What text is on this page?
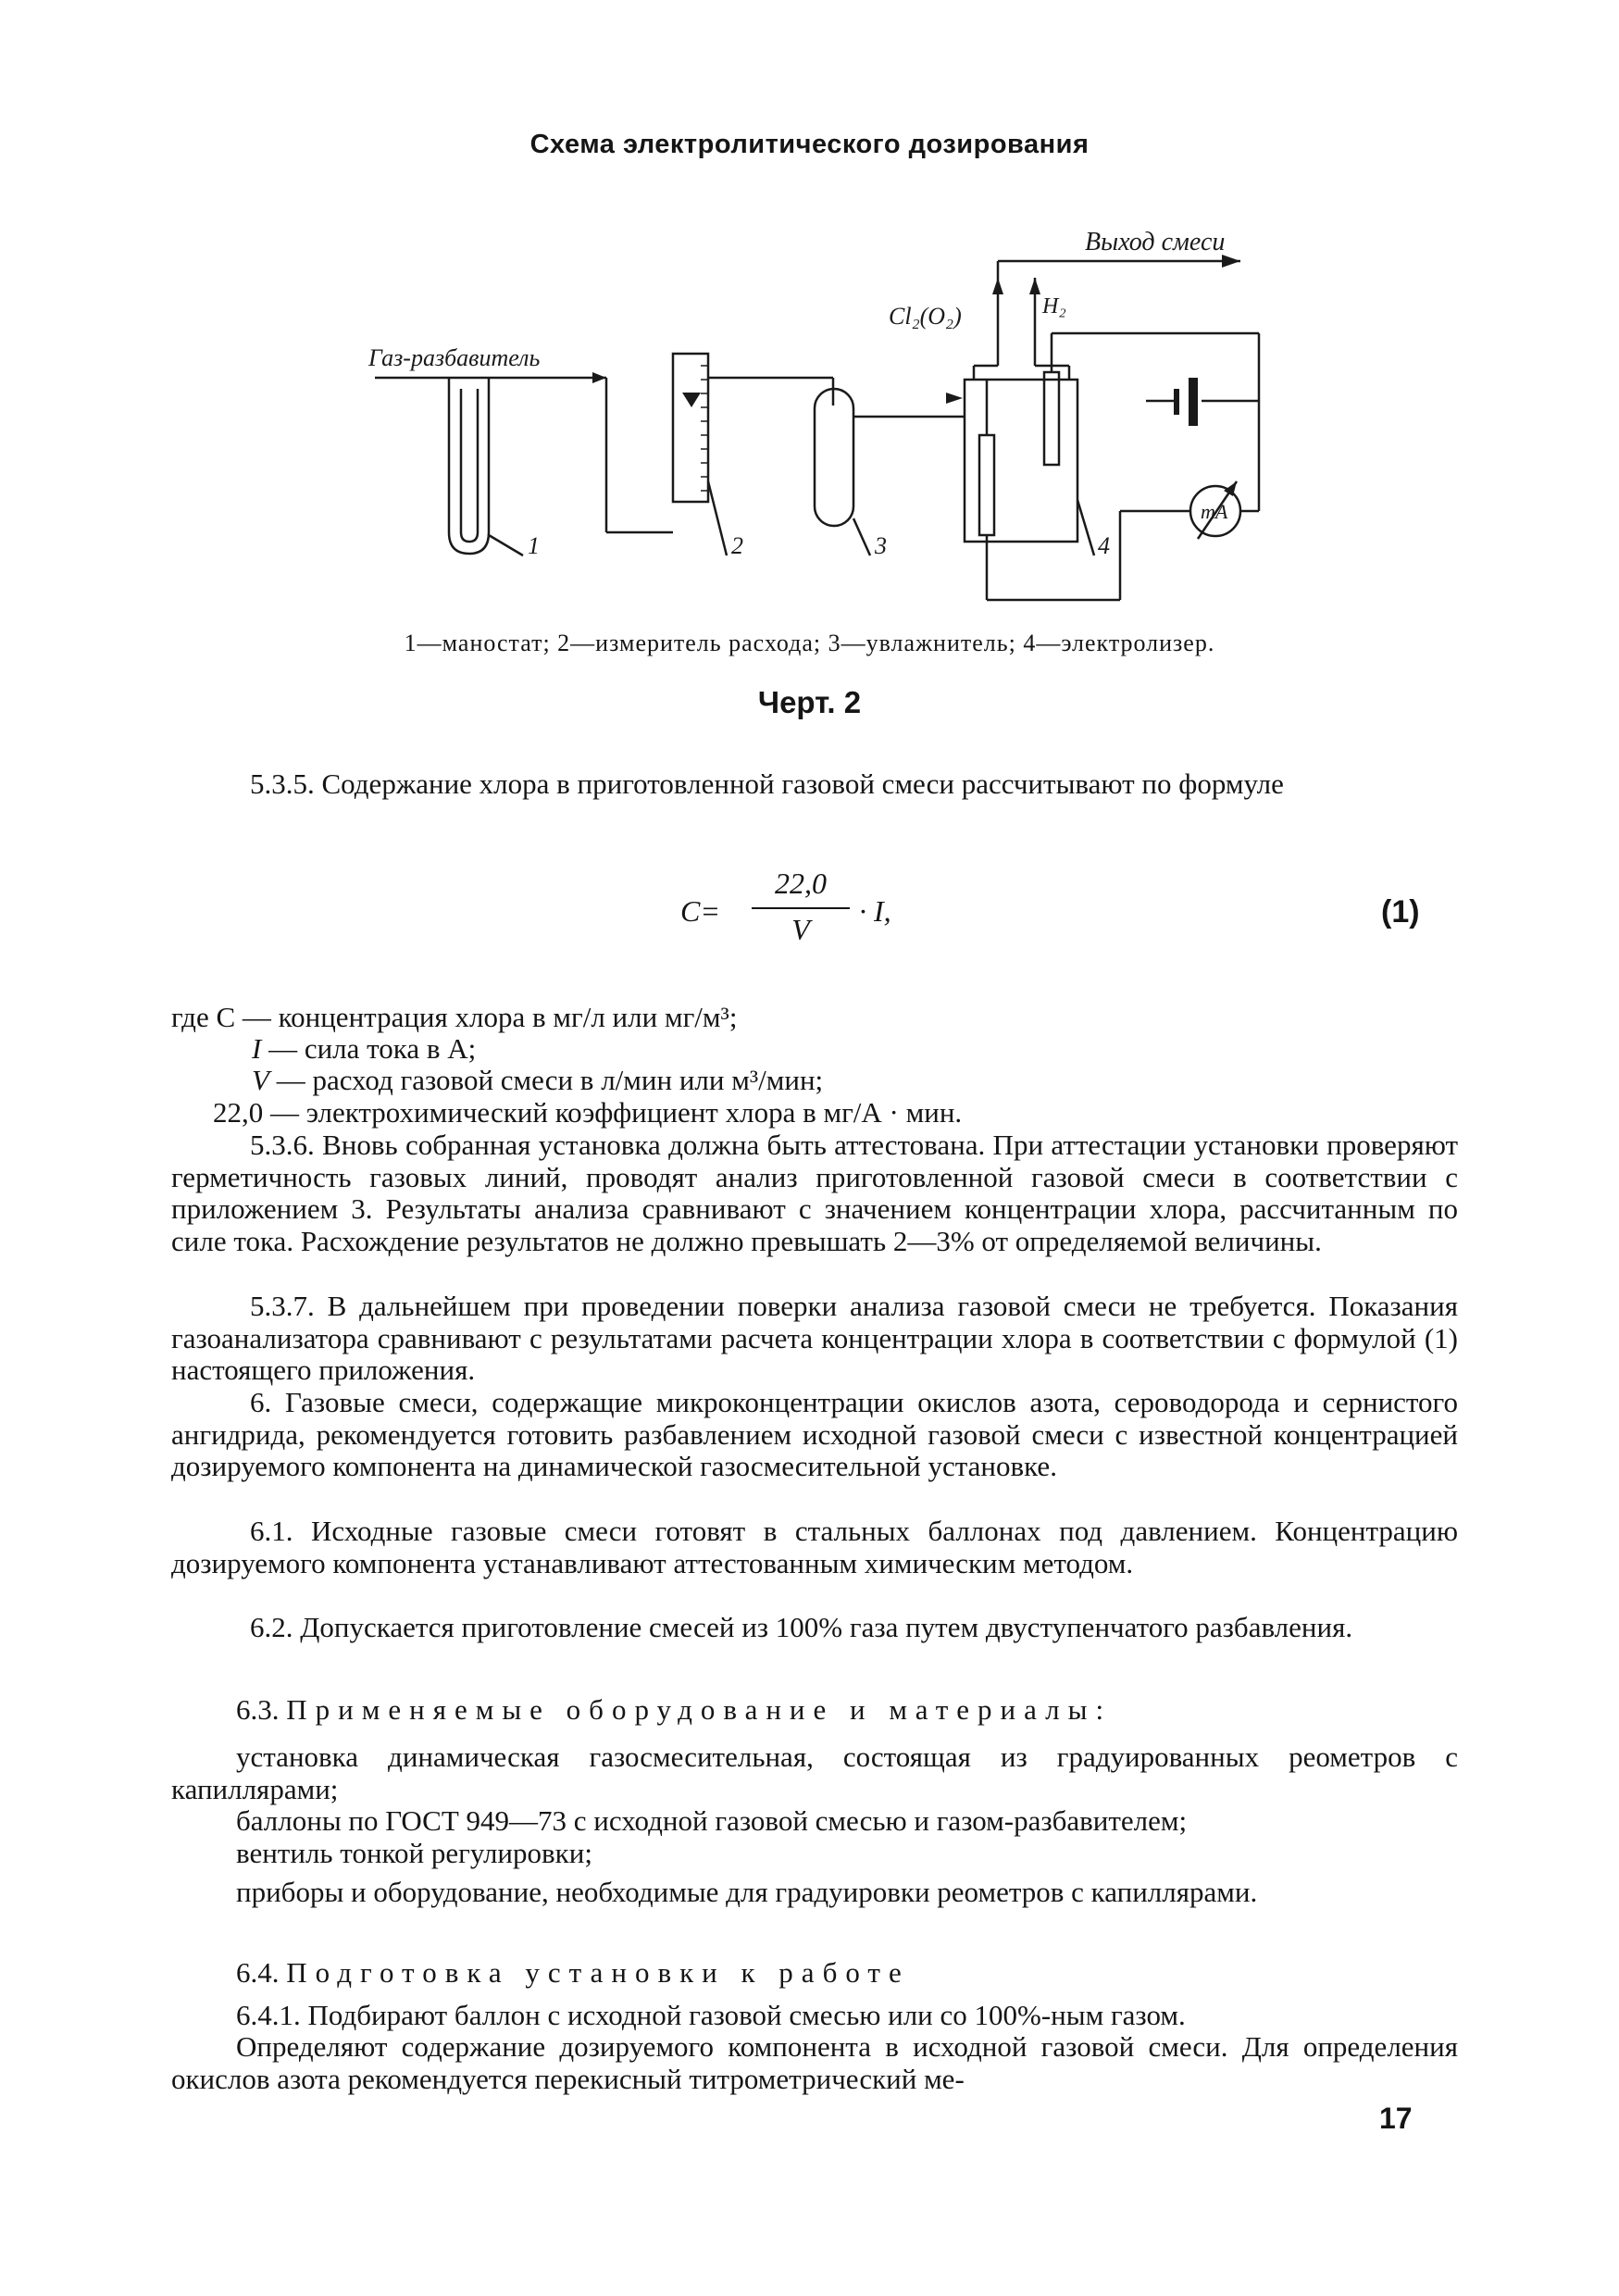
Схема электролитического дозирования
Выход смеси
Газ-разбавитель
Cl₂(O₂)	H₂
mA
1	2	3	4
1—маностат; 2—измеритель расхода; 3—увлажнитель; 4—электролизер.
Черт. 2
5.3.5. Содержание хлора в приготовленной газовой смеси рассчитывают по формуле
C=
22,0
V
· I,	(1)
где C — концентрация хлора в мг/л или мг/м³;
I — сила тока в А;
V — расход газовой смеси в л/мин или м³/мин;
22,0 — электрохимический коэффициент хлора в мг/А · мин.
5.3.6. Вновь собранная установка должна быть аттестована. При аттестации установки проверяют герметичность газовых линий, проводят анализ приготовленной газовой смеси в соответствии с приложением 3. Результаты анализа сравнивают с значением концентрации хлора, рассчитанным по силе тока. Расхождение результатов не должно превышать 2—3% от определяемой величины.
5.3.7. В дальнейшем при проведении поверки анализа газовой смеси не требуется. Показания газоанализатора сравнивают с результатами расчета концентрации хлора в соответствии с формулой (1) настоящего приложения.
6. Газовые смеси, содержащие микроконцентрации окислов азота, сероводорода и сернистого ангидрида, рекомендуется готовить разбавлением исходной газовой смеси с известной концентрацией дозируемого компонента на динамической газосмесительной установке.
6.1. Исходные газовые смеси готовят в стальных баллонах под давлением. Концентрацию дозируемого компонента устанавливают аттестованным химическим методом.
6.2. Допускается приготовление смесей из 100% газа путем двуступенчатого разбавления.
6.3. Применяемые оборудование и материалы:
установка динамическая газосмесительная, состоящая из градуированных реометров с капиллярами;
баллоны по ГОСТ 949—73 с исходной газовой смесью и газом-разбавителем;
вентиль тонкой регулировки;
приборы и оборудование, необходимые для градуировки реометров с капиллярами.
6.4. Подготовка установки к работе
6.4.1. Подбирают баллон с исходной газовой смесью или со 100%-ным газом.
Определяют содержание дозируемого компонента в исходной газовой смеси. Для определения окислов азота рекомендуется перекисный титрометрический ме-
17
